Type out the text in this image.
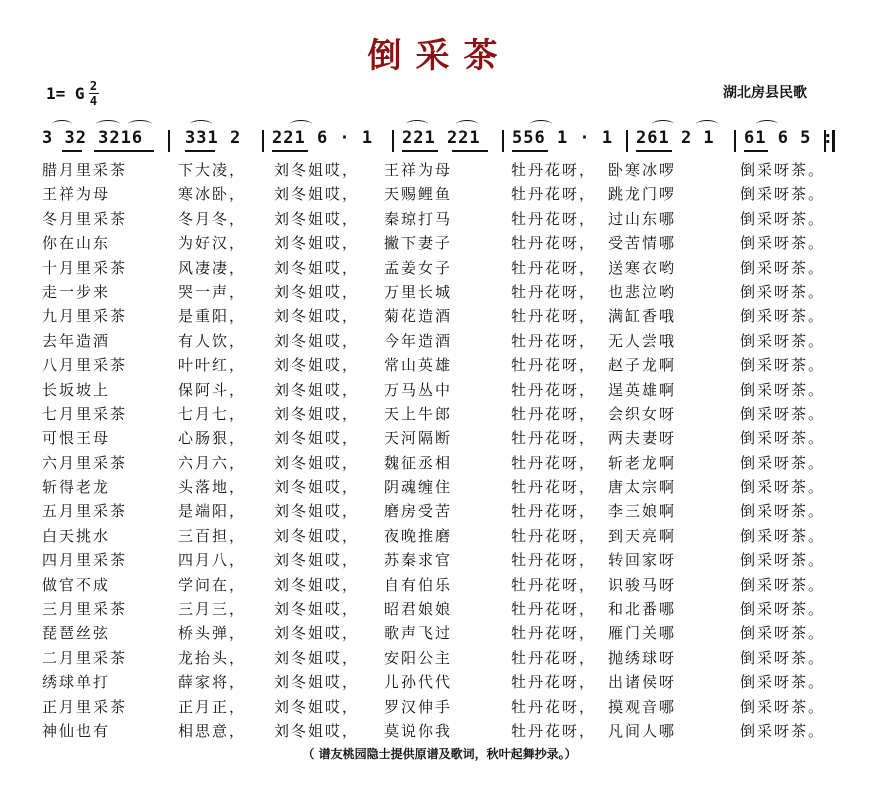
倒采茶
1= G $\frac{2}{4}$	湖北房县民歌
3 32 3216 331 2 221 6 · 1 221 221 556 1 · 1 261 2 1 61 6 5 :
腊月里采茶	下大凌， 刘冬姐哎， 王祥为母	牡丹花呀， 卧寒冰啰	倒采呀茶。
王祥为母	寒冰卧， 刘冬姐哎， 天赐鲤鱼	牡丹花呀， 跳龙门啰	倒采呀茶。
冬月里采茶	冬月冬， 刘冬姐哎， 秦琼打马	牡丹花呀， 过山东哪	倒采呀茶。
你在山东	为好汉， 刘冬姐哎， 撇下妻子	牡丹花呀， 受苦情哪	倒采呀茶。
十月里采茶	风凄凄， 刘冬姐哎， 孟姜女子	牡丹花呀， 送寒衣哟	倒采呀茶。
走一步来	哭一声， 刘冬姐哎， 万里长城	牡丹花呀， 也悲泣哟	倒采呀茶。
九月里采茶	是重阳， 刘冬姐哎， 菊花造酒	牡丹花呀， 满缸香哦	倒采呀茶。
去年造酒	有人饮， 刘冬姐哎， 今年造酒	牡丹花呀， 无人尝哦	倒采呀茶。
八月里采茶	叶叶红， 刘冬姐哎， 常山英雄	牡丹花呀， 赵子龙啊	倒采呀茶。
长坂坡上	保阿斗， 刘冬姐哎， 万马丛中	牡丹花呀， 逞英雄啊	倒采呀茶。
七月里采茶	七月七， 刘冬姐哎， 天上牛郎	牡丹花呀， 会织女呀	倒采呀茶。
可恨王母	心肠狠， 刘冬姐哎， 天河隔断	牡丹花呀， 两夫妻呀	倒采呀茶。
六月里采茶	六月六， 刘冬姐哎， 魏征丞相	牡丹花呀， 斩老龙啊	倒采呀茶。
斩得老龙	头落地， 刘冬姐哎， 阴魂缠住	牡丹花呀， 唐太宗啊	倒采呀茶。
五月里采茶	是端阳， 刘冬姐哎， 磨房受苦	牡丹花呀， 李三娘啊	倒采呀茶。
白天挑水	三百担， 刘冬姐哎， 夜晚推磨	牡丹花呀， 到天亮啊	倒采呀茶。
四月里采茶	四月八， 刘冬姐哎， 苏秦求官	牡丹花呀， 转回家呀	倒采呀茶。
做官不成	学问在， 刘冬姐哎， 自有伯乐	牡丹花呀， 识骏马呀	倒采呀茶。
三月里采茶	三月三， 刘冬姐哎， 昭君娘娘	牡丹花呀， 和北番哪	倒采呀茶。
琵琶丝弦	桥头弹， 刘冬姐哎， 歌声飞过	牡丹花呀， 雁门关哪	倒采呀茶。
二月里采茶	龙抬头， 刘冬姐哎， 安阳公主	牡丹花呀， 抛绣球呀	倒采呀茶。
绣球单打	薛家将， 刘冬姐哎， 儿孙代代	牡丹花呀， 出诸侯呀	倒采呀茶。
正月里采茶	正月正， 刘冬姐哎， 罗汉伸手	牡丹花呀， 摸观音哪	倒采呀茶。
神仙也有	相思意， 刘冬姐哎， 莫说你我	牡丹花呀， 凡间人哪	倒采呀茶。
（ 谱友桃园隐士提供原谱及歌词，秋叶起舞抄录。）
